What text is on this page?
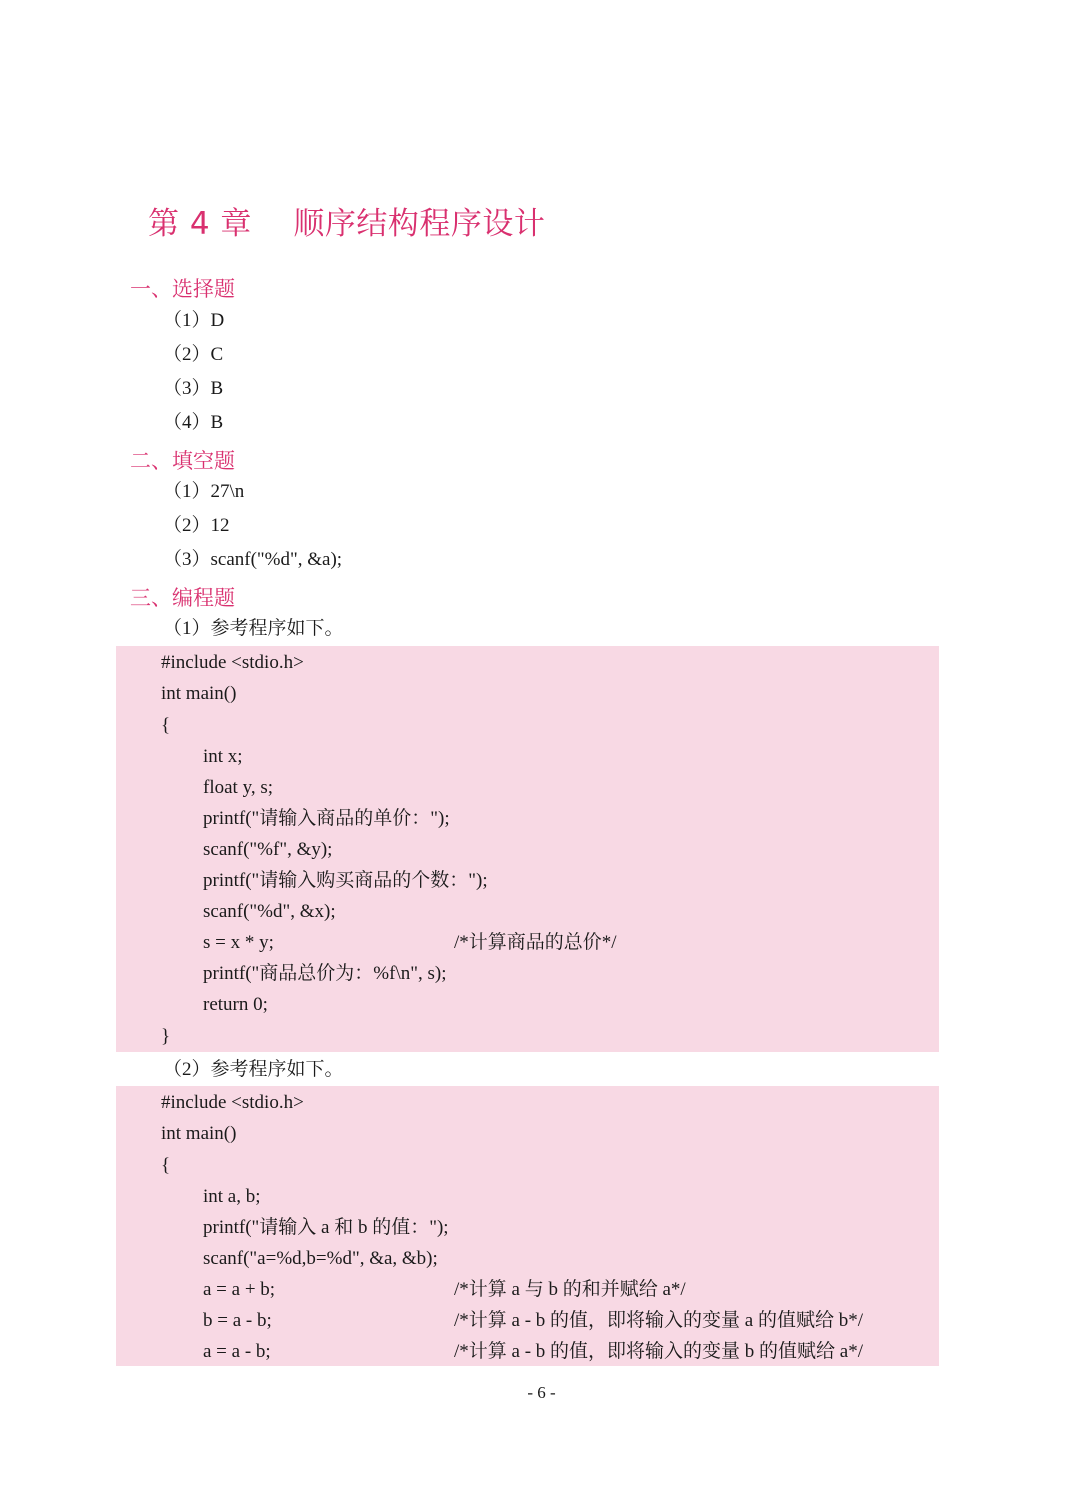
第 4 章    顺序结构程序设计
一、选择题
（1）D
（2）C
（3）B
（4）B
二、填空题
（1）27\n
（2）12
（3）scanf("%d", &a);
三、编程题
（1）参考程序如下。
#include <stdio.h>
int main()
{
int x;
float y, s;
printf("请输入商品的单价：");
scanf("%f", &y);
printf("请输入购买商品的个数：");
scanf("%d", &x);
s = x * y;	/*计算商品的总价*/
printf("商品总价为：%f\n", s);
return 0;
}
（2）参考程序如下。
#include <stdio.h>
int main()
{
int a, b;
printf("请输入 a 和 b 的值：");
scanf("a=%d,b=%d", &a, &b);
a = a + b;	/*计算 a 与 b 的和并赋给 a*/
b = a - b;	/*计算 a - b 的值，即将输入的变量 a 的值赋给 b*/
a = a - b;	/*计算 a - b 的值，即将输入的变量 b 的值赋给 a*/
- 6 -
